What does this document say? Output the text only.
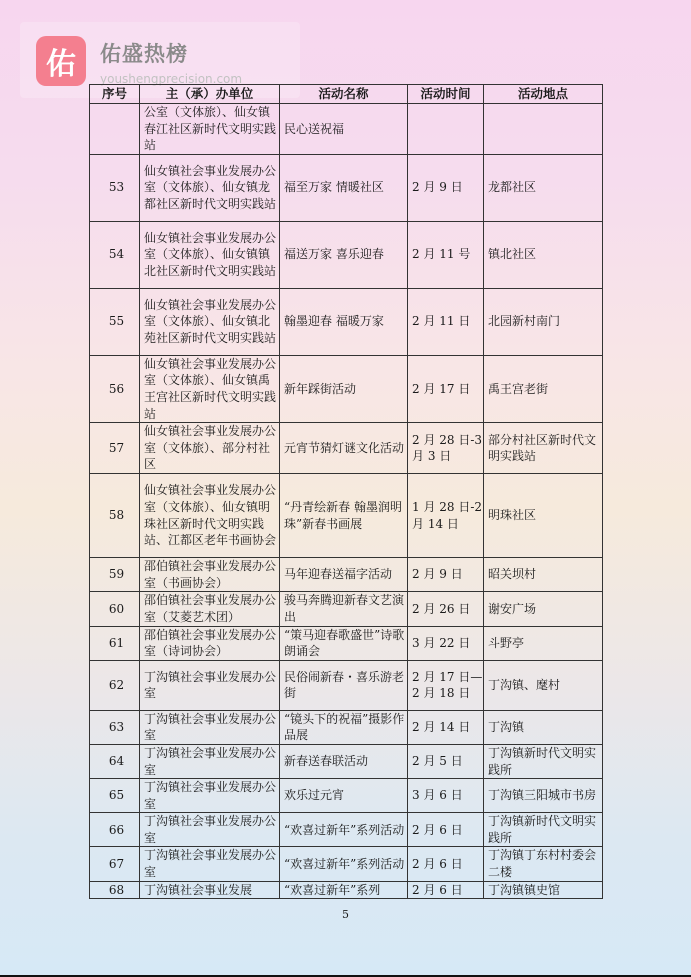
佑	佑盛热榜
youshengprecision.com
序号	主（承）办单位	活动名称	活动时间	活动地点
	公室（文体旅）、仙女镇春江社区新时代文明实践站	民心送祝福		
53	仙女镇社会事业发展办公室（文体旅）、仙女镇龙都社区新时代文明实践站	福至万家 情暖社区	2 月 9 日	龙都社区
54	仙女镇社会事业发展办公室（文体旅）、仙女镇镇北社区新时代文明实践站	福送万家 喜乐迎春	2 月 11 号	镇北社区
55	仙女镇社会事业发展办公室（文体旅）、仙女镇北苑社区新时代文明实践站	翰墨迎春 福暖万家	2 月 11 日	北园新村南门
56	仙女镇社会事业发展办公室（文体旅）、仙女镇禹王宫社区新时代文明实践站	新年踩街活动	2 月 17 日	禹王宫老街
57	仙女镇社会事业发展办公室（文体旅）、部分村社区	元宵节猜灯谜文化活动	2 月 28 日-3 月 3 日	部分村社区新时代文明实践站
58	仙女镇社会事业发展办公室（文体旅）、仙女镇明珠社区新时代文明实践站、江都区老年书画协会	“丹青绘新春 翰墨润明珠”新春书画展	1 月 28 日-2 月 14 日	明珠社区
59	邵伯镇社会事业发展办公室（书画协会）	马年迎春送福字活动	2 月 9 日	昭关坝村
60	邵伯镇社会事业发展办公室（艾菱艺术团）	骏马奔腾迎新春文艺演出	2 月 26 日	谢安广场
61	邵伯镇社会事业发展办公室（诗词协会）	“策马迎春歌盛世”诗歌朗诵会	3 月 22 日	斗野亭
62	丁沟镇社会事业发展办公室	民俗闹新春・喜乐游老街	2 月 17 日—2 月 18 日	丁沟镇、麾村
63	丁沟镇社会事业发展办公室	“镜头下的祝福”摄影作品展	2 月 14 日	丁沟镇
64	丁沟镇社会事业发展办公室	新春送春联活动	2 月 5 日	丁沟镇新时代文明实践所
65	丁沟镇社会事业发展办公室	欢乐过元宵	3 月 6 日	丁沟镇三阳城市书房
66	丁沟镇社会事业发展办公室	“欢喜过新年”系列活动	2 月 6 日	丁沟镇新时代文明实践所
67	丁沟镇社会事业发展办公室	“欢喜过新年”系列活动	2 月 6 日	丁沟镇丁东村村委会二楼
68	丁沟镇社会事业发展	“欢喜过新年”系列	2 月 6 日	丁沟镇镇史馆
5
